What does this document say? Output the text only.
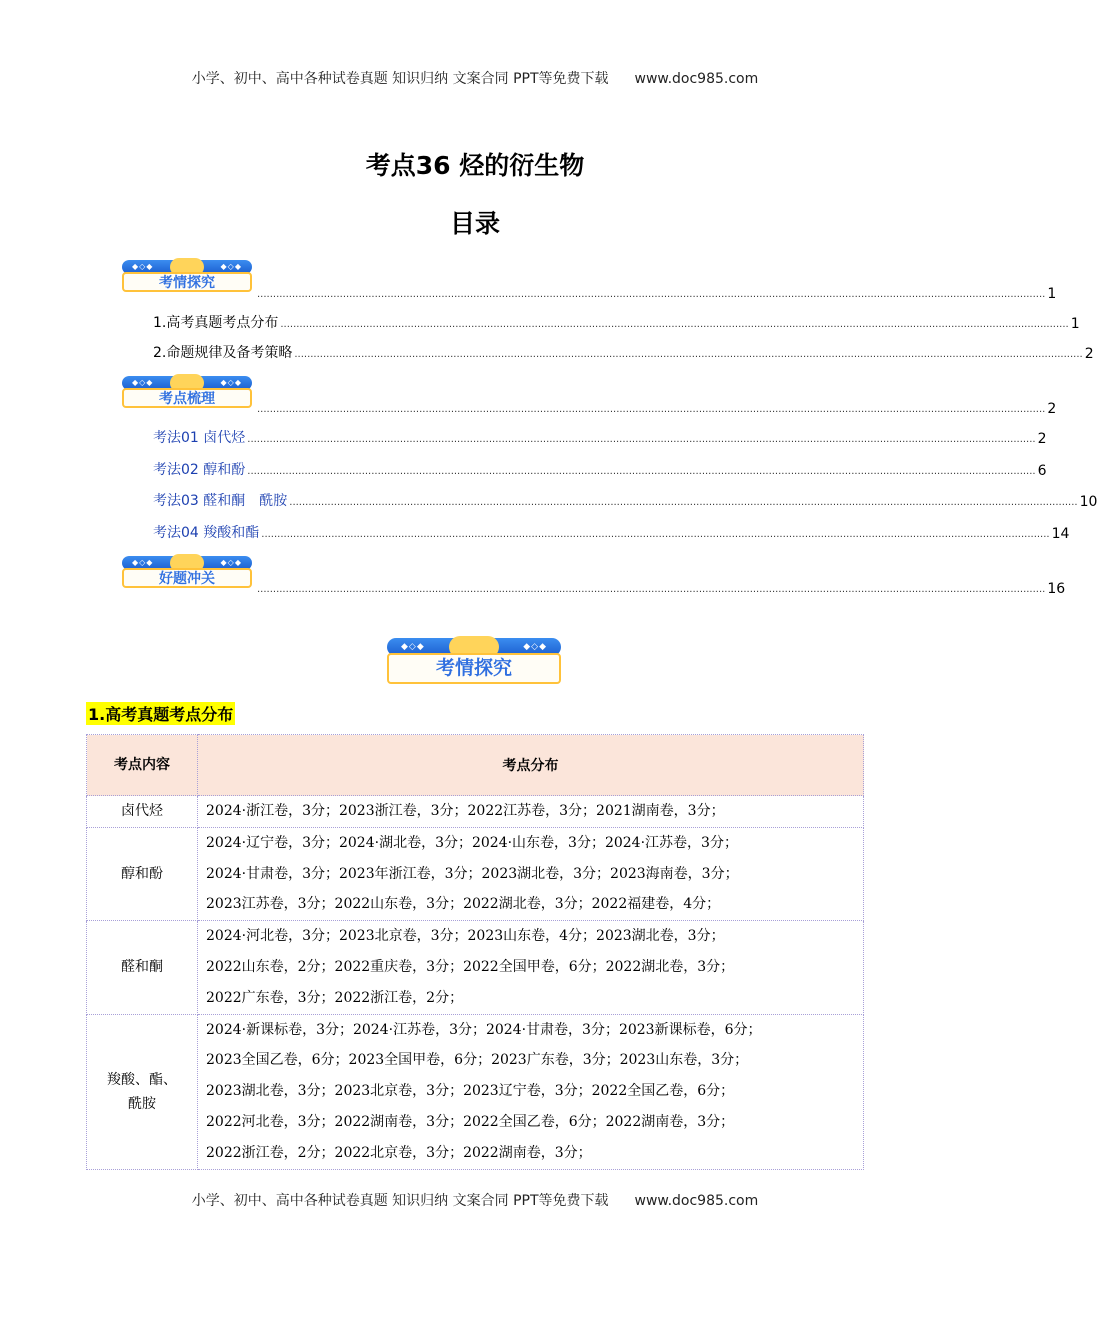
小学、初中、高中各种试卷真题 知识归纳 文案合同 PPT等免费下载 www.doc985.com
考点36 烃的衍生物
目录
◆◇◆	◆◇◆
考情探究
........................................................................................................................................................................................................................................................ 1
1.高考真题考点分布 ........................................................................................................................................................................................................................................................ 1
2.命题规律及备考策略 ........................................................................................................................................................................................................................................................ 2
◆◇◆	◆◇◆
考点梳理
........................................................................................................................................................................................................................................................ 2
考法01 卤代烃 ........................................................................................................................................................................................................................................................ 2
考法02 醇和酚 ........................................................................................................................................................................................................................................................ 6
考法03 醛和酮　酰胺 ........................................................................................................................................................................................................................................................ 10
考法04 羧酸和酯 ........................................................................................................................................................................................................................................................ 14
◆◇◆	◆◇◆
好题冲关
........................................................................................................................................................................................................................................................ 16
◆◇◆	◆◇◆
考情探究
1.高考真题考点分布
考点内容	考点分布
卤代烃	2024·浙江卷，3分；2023浙江卷，3分；2022江苏卷，3分；2021湖南卷，3分；

醇和酚	2024·辽宁卷，3分；2024·湖北卷，3分；2024·山东卷，3分；2024·江苏卷，3分；
2024·甘肃卷，3分；2023年浙江卷，3分；2023湖北卷，3分；2023海南卷，3分；
2023江苏卷，3分；2022山东卷，3分；2022湖北卷，3分；2022福建卷，4分；

醛和酮	2024·河北卷，3分；2023北京卷，3分；2023山东卷，4分；2023湖北卷，3分；
2022山东卷，2分；2022重庆卷，3分；2022全国甲卷，6分；2022湖北卷，3分；
2022广东卷，3分；2022浙江卷，2分；

羧酸、酯、酰胺	2024·新课标卷，3分；2024·江苏卷，3分；2024·甘肃卷，3分；2023新课标卷，6分；
2023全国乙卷，6分；2023全国甲卷，6分；2023广东卷，3分；2023山东卷，3分；
2023湖北卷，3分；2023北京卷，3分；2023辽宁卷，3分；2022全国乙卷，6分；
2022河北卷，3分；2022湖南卷，3分；2022全国乙卷，6分；2022湖南卷，3分；
2022浙江卷，2分；2022北京卷，3分；2022湖南卷，3分；
小学、初中、高中各种试卷真题 知识归纳 文案合同 PPT等免费下载 www.doc985.com
